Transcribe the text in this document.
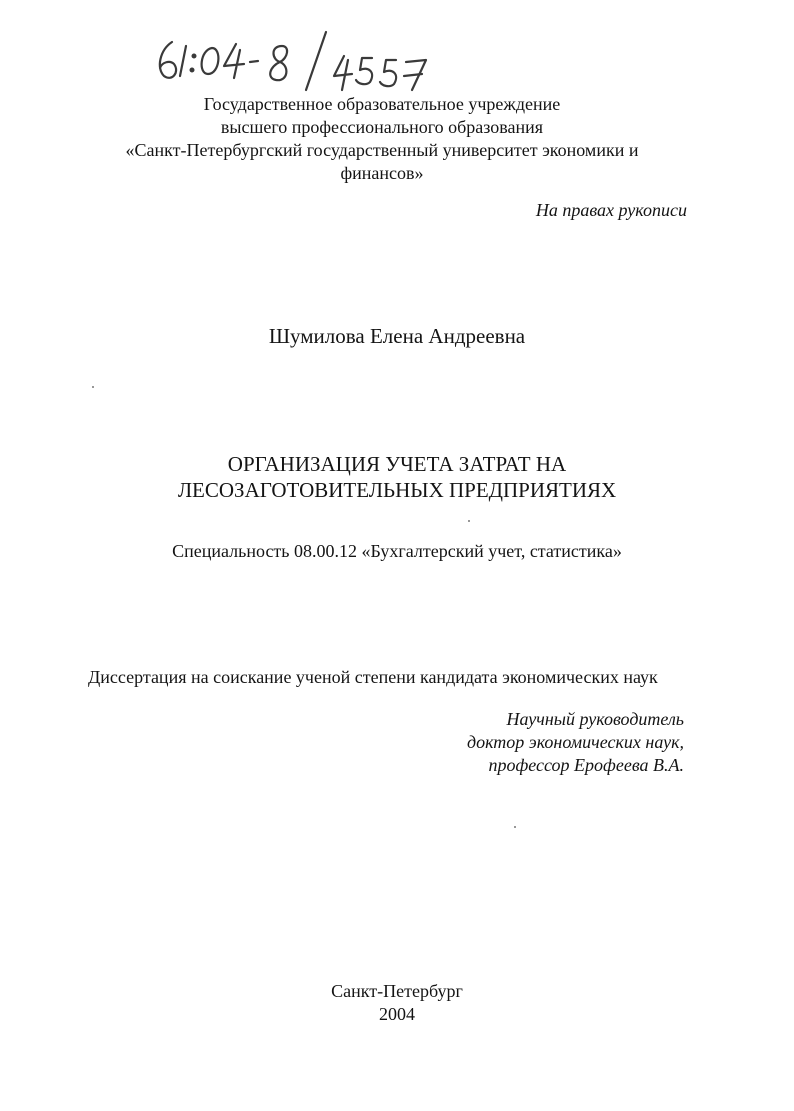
Государственное образовательное учреждение
высшего профессионального образования
«Санкт-Петербургский государственный университет экономики и
финансов»
На правах рукописи
Шумилова Елена Андреевна
ОРГАНИЗАЦИЯ УЧЕТА ЗАТРАТ НА
ЛЕСОЗАГОТОВИТЕЛЬНЫХ ПРЕДПРИЯТИЯХ
Специальность 08.00.12 «Бухгалтерский учет, статистика»
Диссертация на соискание ученой степени кандидата экономических наук
Научный руководитель
доктор экономических наук,
профессор Ерофеева В.А.
Санкт-Петербург
2004
